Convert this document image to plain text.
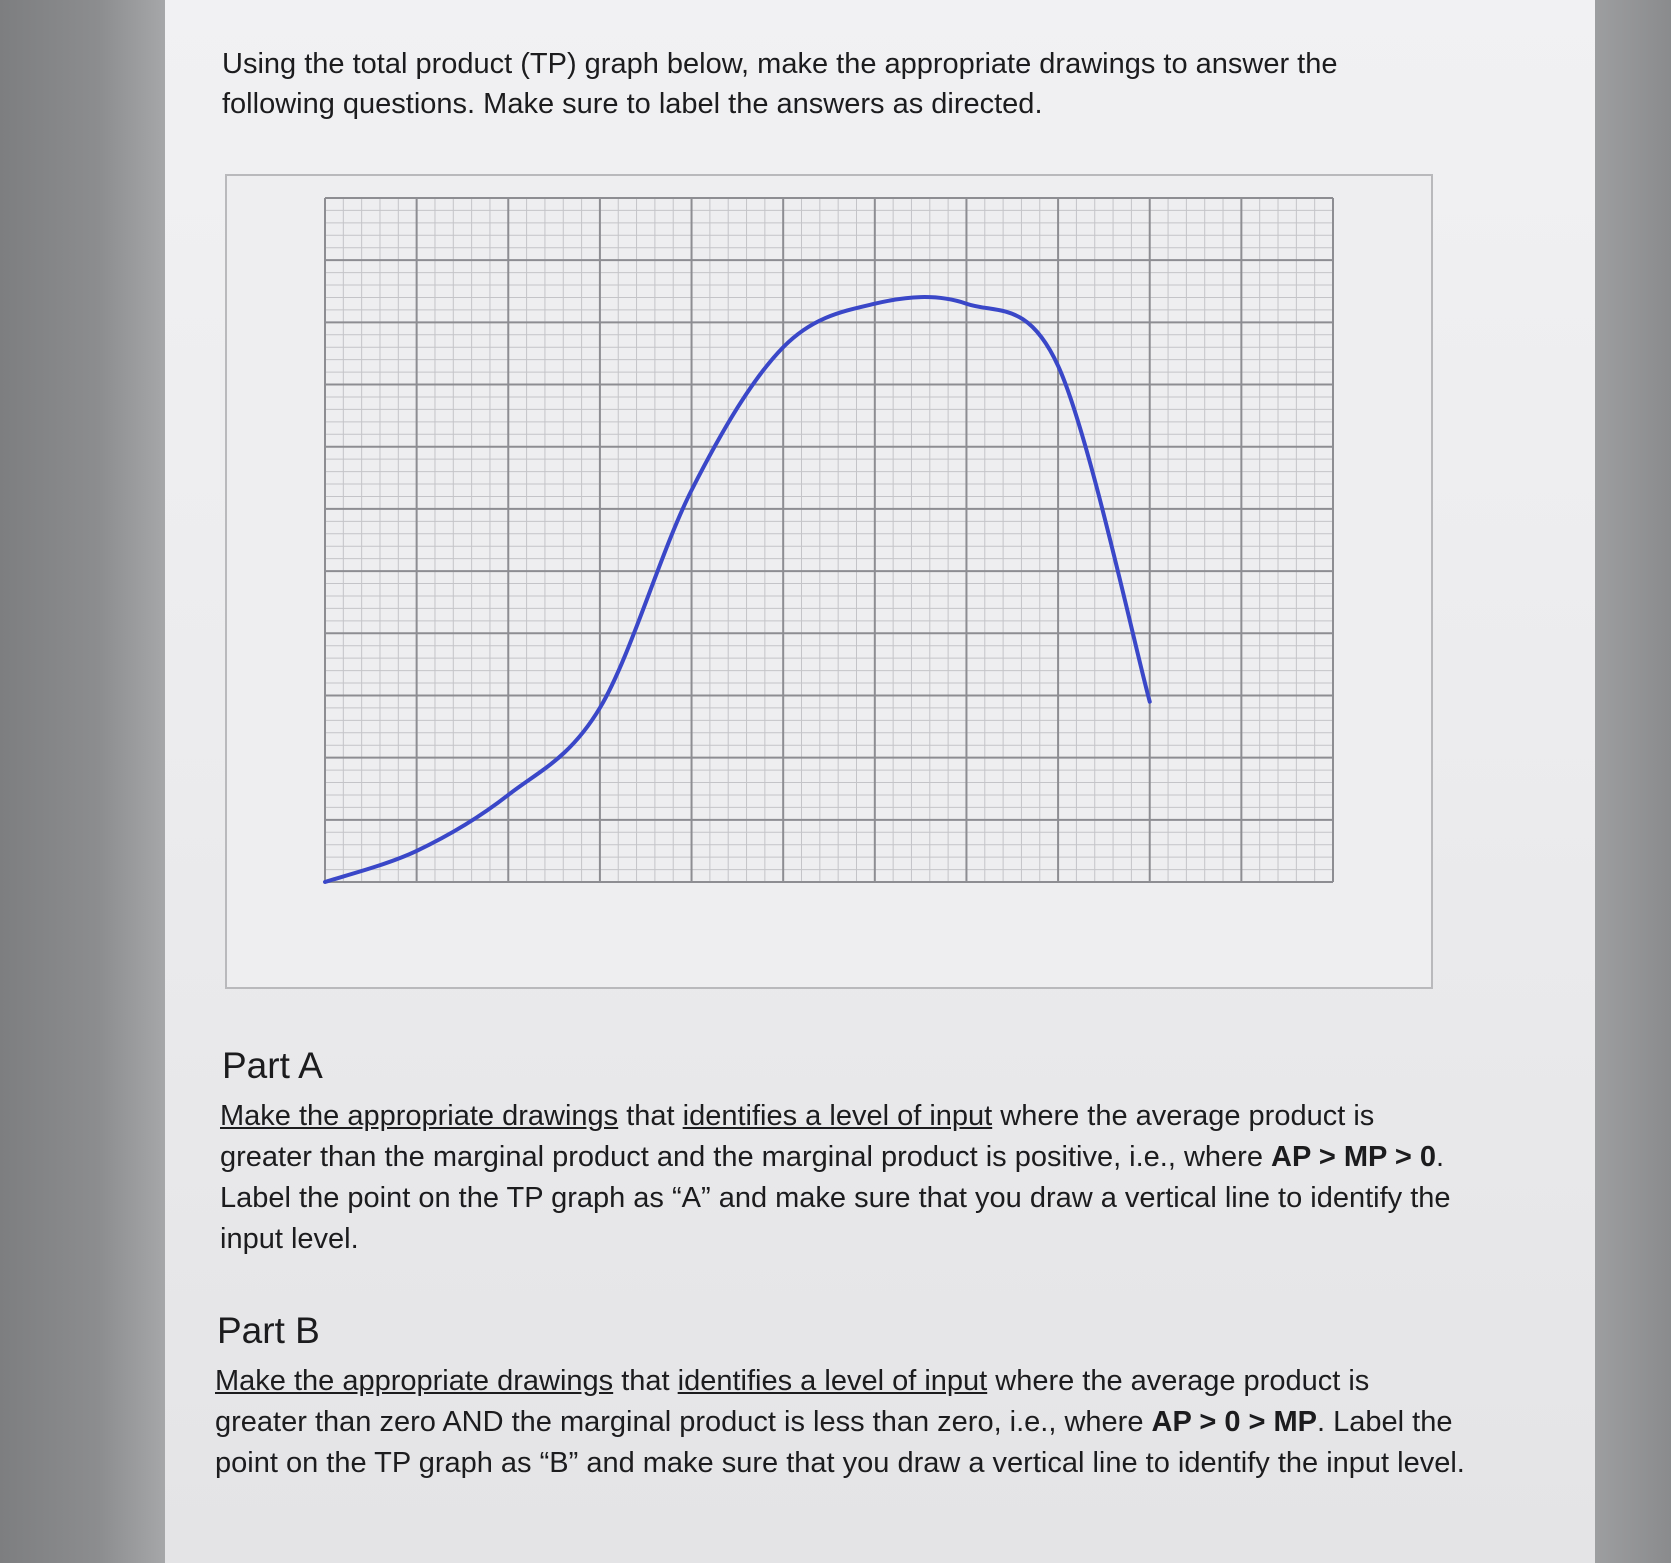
Using the total product (TP) graph below, make the appropriate drawings to answer the following questions. Make sure to label the answers as directed.

Part A

Make the appropriate drawings that identifies a level of input where the average product is greater than the marginal product and the marginal product is positive, i.e., where AP > MP > 0. Label the point on the TP graph as “A” and make sure that you draw a vertical line to identify the input level.

Part B

Make the appropriate drawings that identifies a level of input where the average product is greater than zero AND the marginal product is less than zero, i.e., where AP > 0 > MP. Label the point on the TP graph as “B” and make sure that you draw a vertical line to identify the input level.
